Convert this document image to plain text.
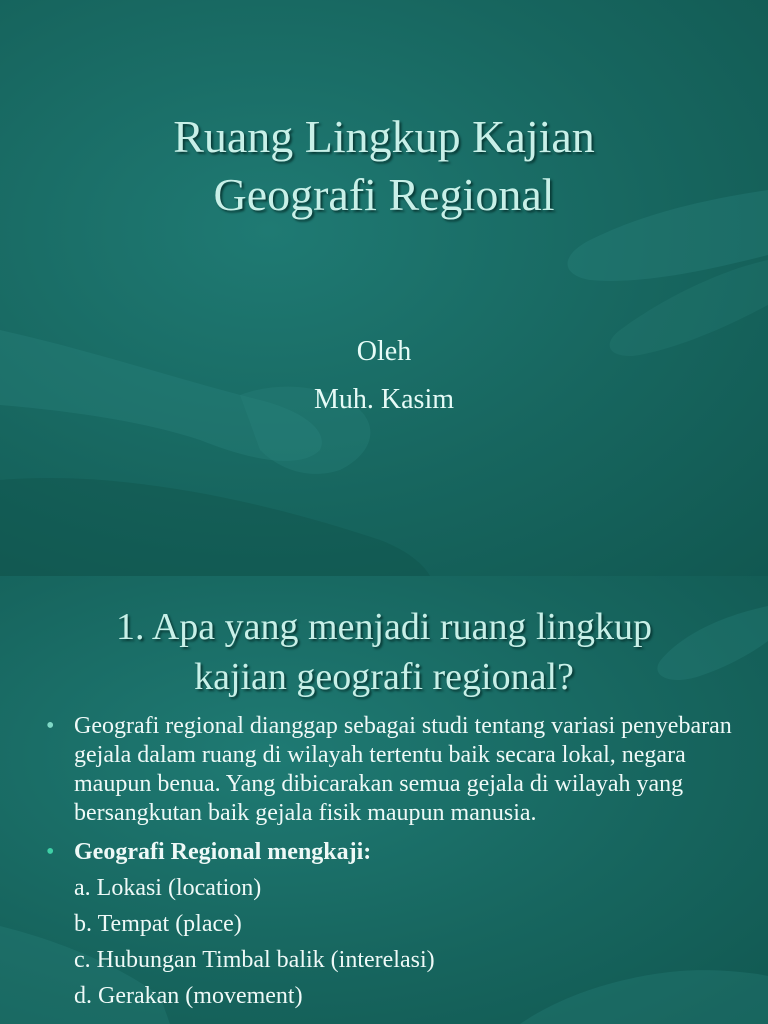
Ruang Lingkup Kajian
Geografi Regional
Oleh
Muh. Kasim
1. Apa yang menjadi ruang lingkup
kajian geografi regional?
• Geografi regional dianggap sebagai studi tentang variasi penyebaran gejala dalam ruang di wilayah tertentu baik secara lokal, negara maupun benua. Yang dibicarakan semua gejala di wilayah yang bersangkutan baik gejala fisik maupun manusia.
• Geografi Regional mengkaji:
a. Lokasi (location)
b. Tempat (place)
c. Hubungan Timbal balik (interelasi)
d. Gerakan (movement)
